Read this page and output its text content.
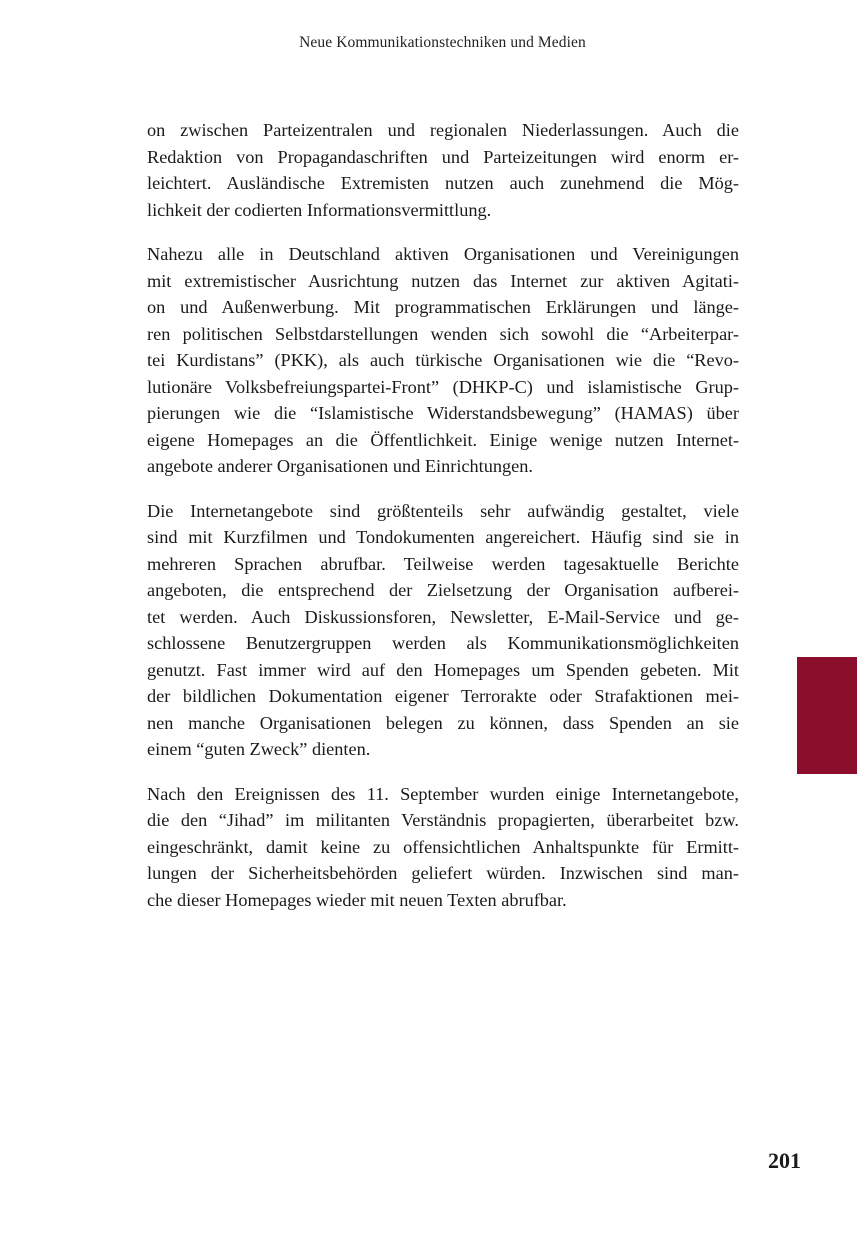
Neue Kommunikationstechniken und Medien

on zwischen Parteizentralen und regionalen Niederlassungen. Auch die
Redaktion von Propagandaschriften und Parteizeitungen wird enorm er-
leichtert. Ausländische Extremisten nutzen auch zunehmend die Mög-
lichkeit der codierten Informationsvermittlung.

Nahezu alle in Deutschland aktiven Organisationen und Vereinigungen
mit extremistischer Ausrichtung nutzen das Internet zur aktiven Agitati-
on und Außenwerbung. Mit programmatischen Erklärungen und länge-
ren politischen Selbstdarstellungen wenden sich sowohl die “Arbeiterpar-
tei Kurdistans” (PKK), als auch türkische Organisationen wie die “Revo-
lutionäre Volksbefreiungspartei-Front” (DHKP-C) und islamistische Grup-
pierungen wie die “Islamistische Widerstandsbewegung” (HAMAS) über
eigene Homepages an die Öffentlichkeit. Einige wenige nutzen Internet-
angebote anderer Organisationen und Einrichtungen.

Die Internetangebote sind größtenteils sehr aufwändig gestaltet, viele
sind mit Kurzfilmen und Tondokumenten angereichert. Häufig sind sie in
mehreren Sprachen abrufbar. Teilweise werden tagesaktuelle Berichte
angeboten, die entsprechend der Zielsetzung der Organisation aufberei-
tet werden. Auch Diskussionsforen, Newsletter, E-Mail-Service und ge-
schlossene Benutzergruppen werden als Kommunikationsmöglichkeiten
genutzt. Fast immer wird auf den Homepages um Spenden gebeten. Mit
der bildlichen Dokumentation eigener Terrorakte oder Strafaktionen mei-
nen manche Organisationen belegen zu können, dass Spenden an sie
einem “guten Zweck” dienten.

Nach den Ereignissen des 11. September wurden einige Internetangebote,
die den “Jihad” im militanten Verständnis propagierten, überarbeitet bzw.
eingeschränkt, damit keine zu offensichtlichen Anhaltspunkte für Ermitt-
lungen der Sicherheitsbehörden geliefert würden. Inzwischen sind man-
che dieser Homepages wieder mit neuen Texten abrufbar.

201
